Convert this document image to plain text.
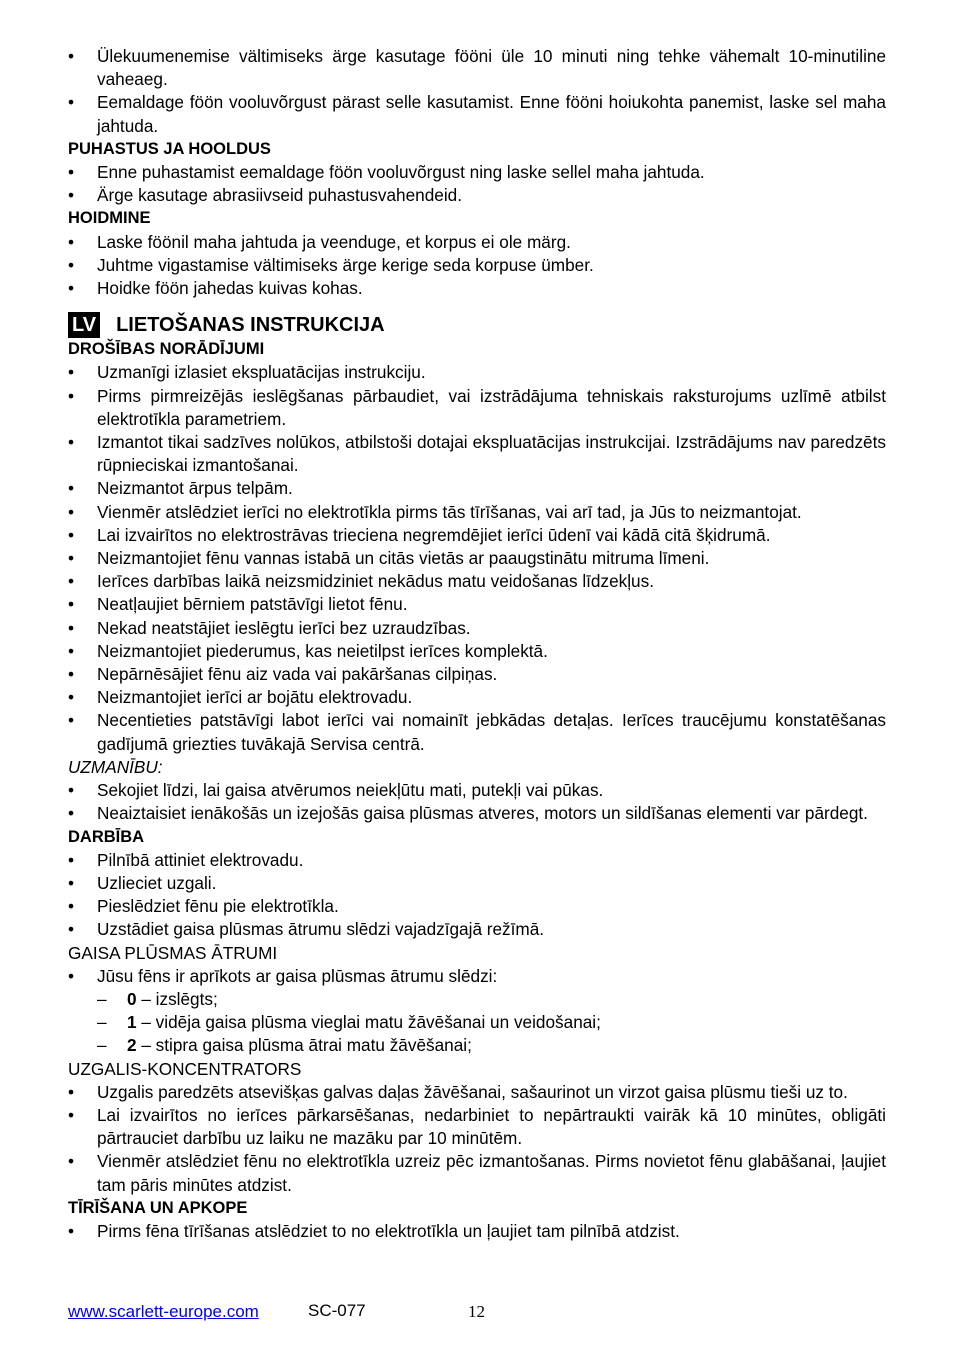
•	Ülekuumenemise vältimiseks ärge kasutage fööni üle 10 minuti ning tehke vähemalt 10-minutiline vaheaeg.
•	Eemaldage föön vooluvõrgust pärast selle kasutamist. Enne fööni hoiukohta panemist, laske sel maha jahtuda.
PUHASTUS JA HOOLDUS
•	Enne puhastamist eemaldage föön vooluvõrgust ning laske sellel maha jahtuda.
•	Ärge kasutage abrasiivseid puhastusvahendeid.
HOIDMINE
•	Laske föönil maha jahtuda ja veenduge, et korpus ei ole märg.
•	Juhtme vigastamise vältimiseks ärge kerige seda korpuse ümber.
•	Hoidke föön jahedas kuivas kohas.
LV LIETOŠANAS INSTRUKCIJA
DROŠĪBAS NORĀDĪJUMI
•	Uzmanīgi izlasiet ekspluatācijas instrukciju.
•	Pirms pirmreizējās ieslēgšanas pārbaudiet, vai izstrādājuma tehniskais raksturojums uzlīmē atbilst elektrotīkla parametriem.
•	Izmantot tikai sadzīves nolūkos, atbilstoši dotajai ekspluatācijas instrukcijai. Izstrādājums nav paredzēts rūpnieciskai izmantošanai.
•	Neizmantot ārpus telpām.
•	Vienmēr atslēdziet ierīci no elektrotīkla pirms tās tīrīšanas, vai arī tad, ja Jūs to neizmantojat.
•	Lai izvairītos no elektrostrāvas trieciena negremdējiet ierīci ūdenī vai kādā citā šķidrumā.
•	Neizmantojiet fēnu vannas istabā un citās vietās ar paaugstinātu mitruma līmeni.
•	Ierīces darbības laikā neizsmidziniet nekādus matu veidošanas līdzekļus.
•	Neatļaujiet bērniem patstāvīgi lietot fēnu.
•	Nekad neatstājiet ieslēgtu ierīci bez uzraudzības.
•	Neizmantojiet piederumus, kas neietilpst ierīces komplektā.
•	Nepārnēsājiet fēnu aiz vada vai pakāršanas cilpiņas.
•	Neizmantojiet ierīci ar bojātu elektrovadu.
•	Necentieties patstāvīgi labot ierīci vai nomainīt jebkādas detaļas. Ierīces traucējumu konstatēšanas gadījumā griezties tuvākajā Servisa centrā.
UZMANĪBU:
•	Sekojiet līdzi, lai gaisa atvērumos neiekļūtu mati, putekļi vai pūkas.
•	Neaiztaisiet ienākošās un izejošās gaisa plūsmas atveres, motors un sildīšanas elementi var pārdegt.
DARBĪBA
•	Pilnībā attiniet elektrovadu.
•	Uzlieciet uzgali.
•	Pieslēdziet fēnu pie elektrotīkla.
•	Uzstādiet gaisa plūsmas ātrumu slēdzi vajadzīgajā režīmā.
GAISA PLŪSMAS ĀTRUMI
•	Jūsu fēns ir aprīkots ar gaisa plūsmas ātrumu slēdzi:
– 0 – izslēgts;
– 1 – vidēja gaisa plūsma vieglai matu žāvēšanai un veidošanai;
– 2 – stipra gaisa plūsma ātrai matu žāvēšanai;
UZGALIS-KONCENTRATORS
•	Uzgalis paredzēts atsevišķas galvas daļas žāvēšanai, sašaurinot un virzot gaisa plūsmu tieši uz to.
•	Lai izvairītos no ierīces pārkarsēšanas, nedarbiniet to nepārtraukti vairāk kā 10 minūtes, obligāti pārtrauciet darbību uz laiku ne mazāku par 10 minūtēm.
•	Vienmēr atslēdziet fēnu no elektrotīkla uzreiz pēc izmantošanas. Pirms novietot fēnu glabāšanai, ļaujiet tam pāris minūtes atdzist.
TĪRĪŠANA UN APKOPE
•	Pirms fēna tīrīšanas atslēdziet to no elektrotīkla un ļaujiet tam pilnībā atdzist.
www.scarlett-europe.com	SC-077	12
